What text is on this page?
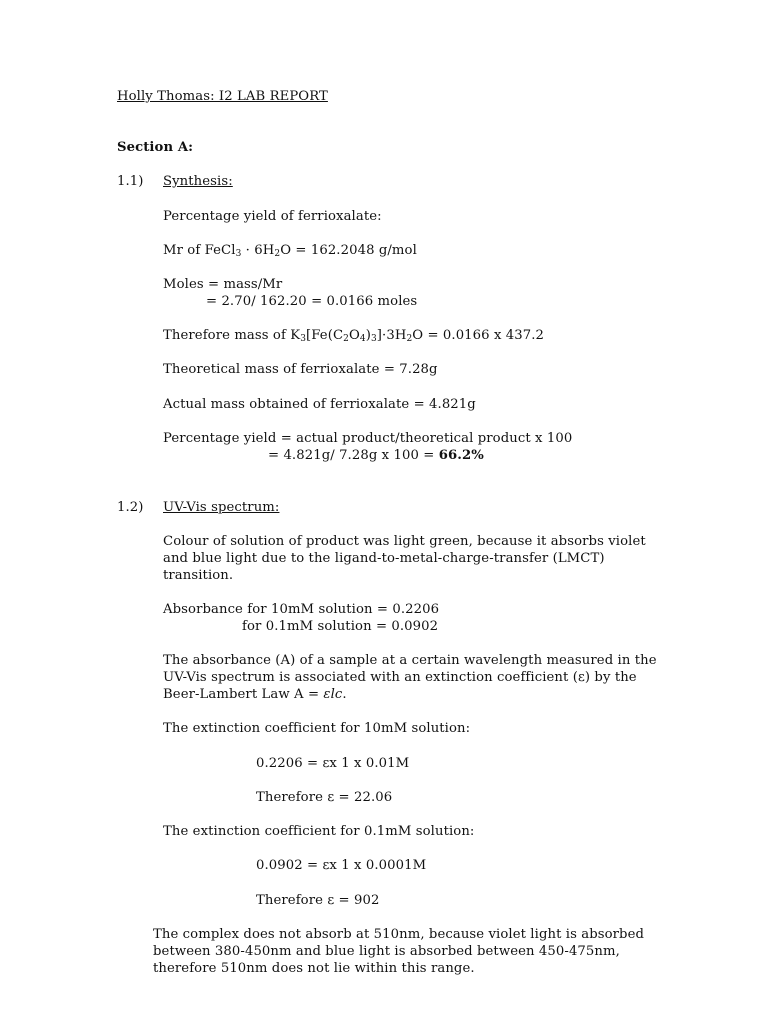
Holly Thomas: I2 LAB REPORT
Section A:
1.1) Synthesis:
Percentage yield of ferrioxalate:
Mr of FeCl$_3$ · $6H_2O = 162.2048$ g/mol
Moles = mass/Mr
= 2.70/ 162.20 = 0.0166 moles
Therefore mass of $K_3[Fe(C_2O_4)_3]\cdot 3H_2O = 0.0166$ x 437.2
Theoretical mass of ferrioxalate = 7.28g
Actual mass obtained of ferrioxalate = 4.821g
Percentage yield = actual product/theoretical product x 100
= 4.821g/ 7.28g x 100 = 66.2%
1.2) UV-Vis spectrum:
Colour of solution of product was light green, because it absorbs violet
and blue light due to the ligand-to-metal-charge-transfer (LMCT)
transition.
Absorbance for 10mM solution = 0.2206
for 0.1mM solution = 0.0902
The absorbance (A) of a sample at a certain wavelength measured in the
UV-Vis spectrum is associated with an extinction coefficient (ε) by the
Beer-Lambert Law A = εlc.
The extinction coefficient for 10mM solution:
0.2206 = εx 1 x 0.01M
Therefore ε = 22.06
The extinction coefficient for 0.1mM solution:
0.0902 = εx 1 x 0.0001M
Therefore ε = 902
The complex does not absorb at 510nm, because violet light is absorbed
between 380-450nm and blue light is absorbed between 450-475nm,
therefore 510nm does not lie within this range.
